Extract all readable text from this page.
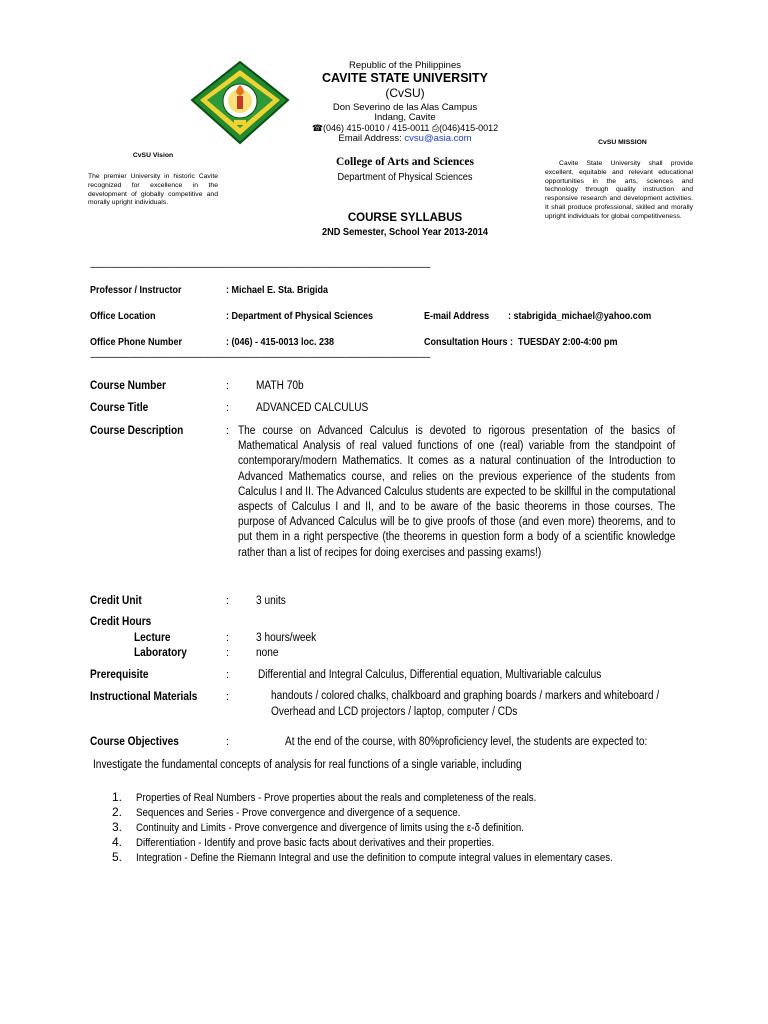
Republic of the Philippines
CAVITE STATE UNIVERSITY
(CvSU)
Don Severino de las Alas Campus
Indang, Cavite
☎(046) 415-0010 / 415-0011 ⎙(046)415-0012
Email Address: cvsu@asia.com
College of Arts and Sciences
Department of Physical Sciences
COURSE SYLLABUS
2ND Semester, School Year 2013-2014
CvSU Vision
The premier University in historic Cavite recognized for excellence in the development of globally competitive and morally upright individuals.
CvSU MISSION
Cavite State University shall provide excellent, equitable and relevant educational opportunities in the arts, sciences and technology through quality instruction and responsive research and development activities. It shall produce professional, skilled and morally upright individuals for global competitiveness.
------------------------------------------------------------------------------------------------------------------------------------------------------------------
Professor / Instructor	: Michael E. Sta. Brigida
Office Location	: Department of Physical Sciences	E-mail Address : stabrigida_michael@yahoo.com
Office Phone Number	: (046) - 415-0013 loc. 238	Consultation Hours : TUESDAY 2:00-4:00 pm
------------------------------------------------------------------------------------------------------------------------------------------------------------------
Course Number	: MATH 70b
Course Title	: ADVANCED CALCULUS
Course Description	: The course on Advanced Calculus is devoted to rigorous presentation of the basics of Mathematical Analysis of real valued functions of one (real) variable from the standpoint of contemporary/modern Mathematics. It comes as a natural continuation of the Introduction to Advanced Mathematics course, and relies on the previous experience of the students from Calculus I and II. The Advanced Calculus students are expected to be skillful in the computational aspects of Calculus I and II, and to be aware of the basic theorems in those courses. The purpose of Advanced Calculus will be to give proofs of those (and even more) theorems, and to put them in a right perspective (the theorems in question form a body of a scientific knowledge rather than a list of recipes for doing exercises and passing exams!)
Credit Unit	: 3 units
Credit Hours
Lecture	: 3 hours/week
Laboratory	: none
Prerequisite	:	Differential and Integral Calculus, Differential equation, Multivariable calculus
Instructional Materials	:	handouts / colored chalks, chalkboard and graphing boards / markers and whiteboard /
Overhead and LCD projectors / laptop, computer / CDs
Course Objectives	:	At the end of the course, with 80%proficiency level, the students are expected to:
Investigate the fundamental concepts of analysis for real functions of a single variable, including
1. Properties of Real Numbers - Prove properties about the reals and completeness of the reals.
2. Sequences and Series - Prove convergence and divergence of a sequence.
3. Continuity and Limits - Prove convergence and divergence of limits using the ε-δ definition.
4. Differentiation - Identify and prove basic facts about derivatives and their properties.
5. Integration - Define the Riemann Integral and use the definition to compute integral values in elementary cases.
